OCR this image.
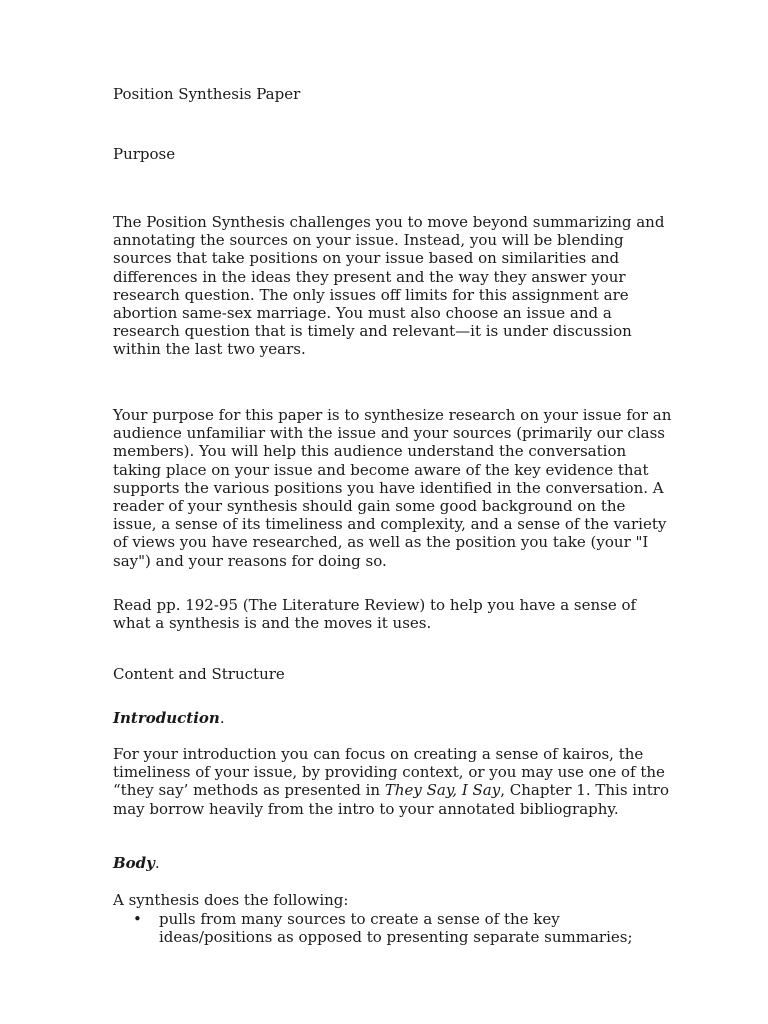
Position Synthesis Paper

Purpose

The Position Synthesis challenges you to move beyond summarizing and annotating the sources on your issue. Instead, you will be blending sources that take positions on your issue based on similarities and differences in the ideas they present and the way they answer your research question. The only issues off limits for this assignment are abortion same-sex marriage. You must also choose an issue and a research question that is timely and relevant—it is under discussion within the last two years.

Your purpose for this paper is to synthesize research on your issue for an audience unfamiliar with the issue and your sources (primarily our class members). You will help this audience understand the conversation taking place on your issue and become aware of the key evidence that supports the various positions you have identified in the conversation. A reader of your synthesis should gain some good background on the issue, a sense of its timeliness and complexity, and a sense of the variety of views you have researched, as well as the position you take (your "I say") and your reasons for doing so.

Read pp. 192-95 (The Literature Review) to help you have a sense of what a synthesis is and the moves it uses.

Content and Structure

Introduction.

For your introduction you can focus on creating a sense of kairos, the timeliness of your issue, by providing context, or you may use one of the “they say’ methods as presented in They Say, I Say, Chapter 1. This intro may borrow heavily from the intro to your annotated bibliography.

Body.

A synthesis does the following:

• pulls from many sources to create a sense of the key ideas/positions as opposed to presenting separate summaries;
